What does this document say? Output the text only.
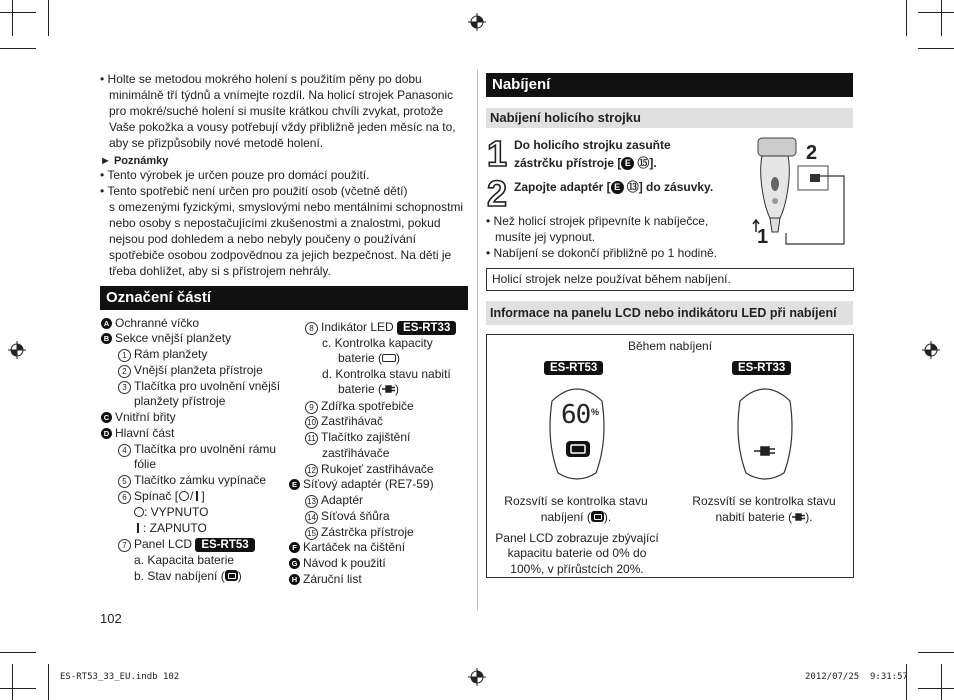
• Holte se metodou mokrého holení s použitím pěny po dobu
minimálně tří týdnů a vnímejte rozdíl. Na holicí strojek Panasonic
pro mokré/suché holení si musíte krátkou chvíli zvykat, protože
Vaše pokožka a vousy potřebují vždy přibližně jeden měsíc na to,
aby se přizpůsobily nové metodě holení.
► Poznámky
• Tento výrobek je určen pouze pro domácí použití.
• Tento spotřebič není určen pro použití osob (včetně dětí)
s omezenými fyzickými, smyslovými nebo mentálními schopnostmi
nebo osoby s nepostačujícími zkušenostmi a znalostmi, pokud
nejsou pod dohledem a nebo nebyly poučeny o používání
spotřebiče osobou zodpovědnou za jejich bezpečnost. Na děti je
třeba dohlížet, aby si s přístrojem nehrály.
Označení částí
A Ochranné víčko
B Sekce vnější planžety
1 Rám planžety
2 Vnější planžeta přístroje
3 Tlačítka pro uvolnění vnější
planžety přístroje
C Vnitřní břity
D Hlavní část
4 Tlačítka pro uvolnění rámu
fólie
5 Tlačítko zámku vypínače
6 Spínač [ / ]
: VYPNUTO
: ZAPNUTO
7 Panel LCD ES-RT53
a. Kapacita baterie
b. Stav nabíjení ( )
8 Indikátor LED ES-RT33
c. Kontrolka kapacity
baterie ( )
d. Kontrolka stavu nabití
baterie ( )
9 Zdířka spotřebiče
10 Zastřihávač
11 Tlačítko zajištění
zastřihávače
12 Rukojeť zastřihávače
E Síťový adaptér (RE7-59)
13 Adaptér
14 Síťová šňůra
15 Zástrčka přístroje
F Kartáček na čištění
G Návod k použití
H Záruční list
102
Nabíjení
Nabíjení holicího strojku
1 Do holicího strojku zasuňte
zástrčku přístroje [ E ⑮].
2 Zapojte adaptér [ E ⑬] do zásuvky.
• Než holicí strojek připevníte k nabíječce,
musíte jej vypnout.
• Nabíjení se dokončí přibližně po 1 hodině.
1
2
Holicí strojek nelze používat během nabíjení.
Informace na panelu LCD nebo indikátoru LED při nabíjení
Během nabíjení
ES-RT53	ES-RT33
60 %
Rozsvítí se kontrolka stavu
nabíjení ( ).
Rozsvítí se kontrolka stavu
nabití baterie ( ).
Panel LCD zobrazuje zbývající
kapacitu baterie od 0% do
100%, v přírůstcích 20%.
ES-RT53_33_EU.indb 102	2012/07/25 9:31:57
